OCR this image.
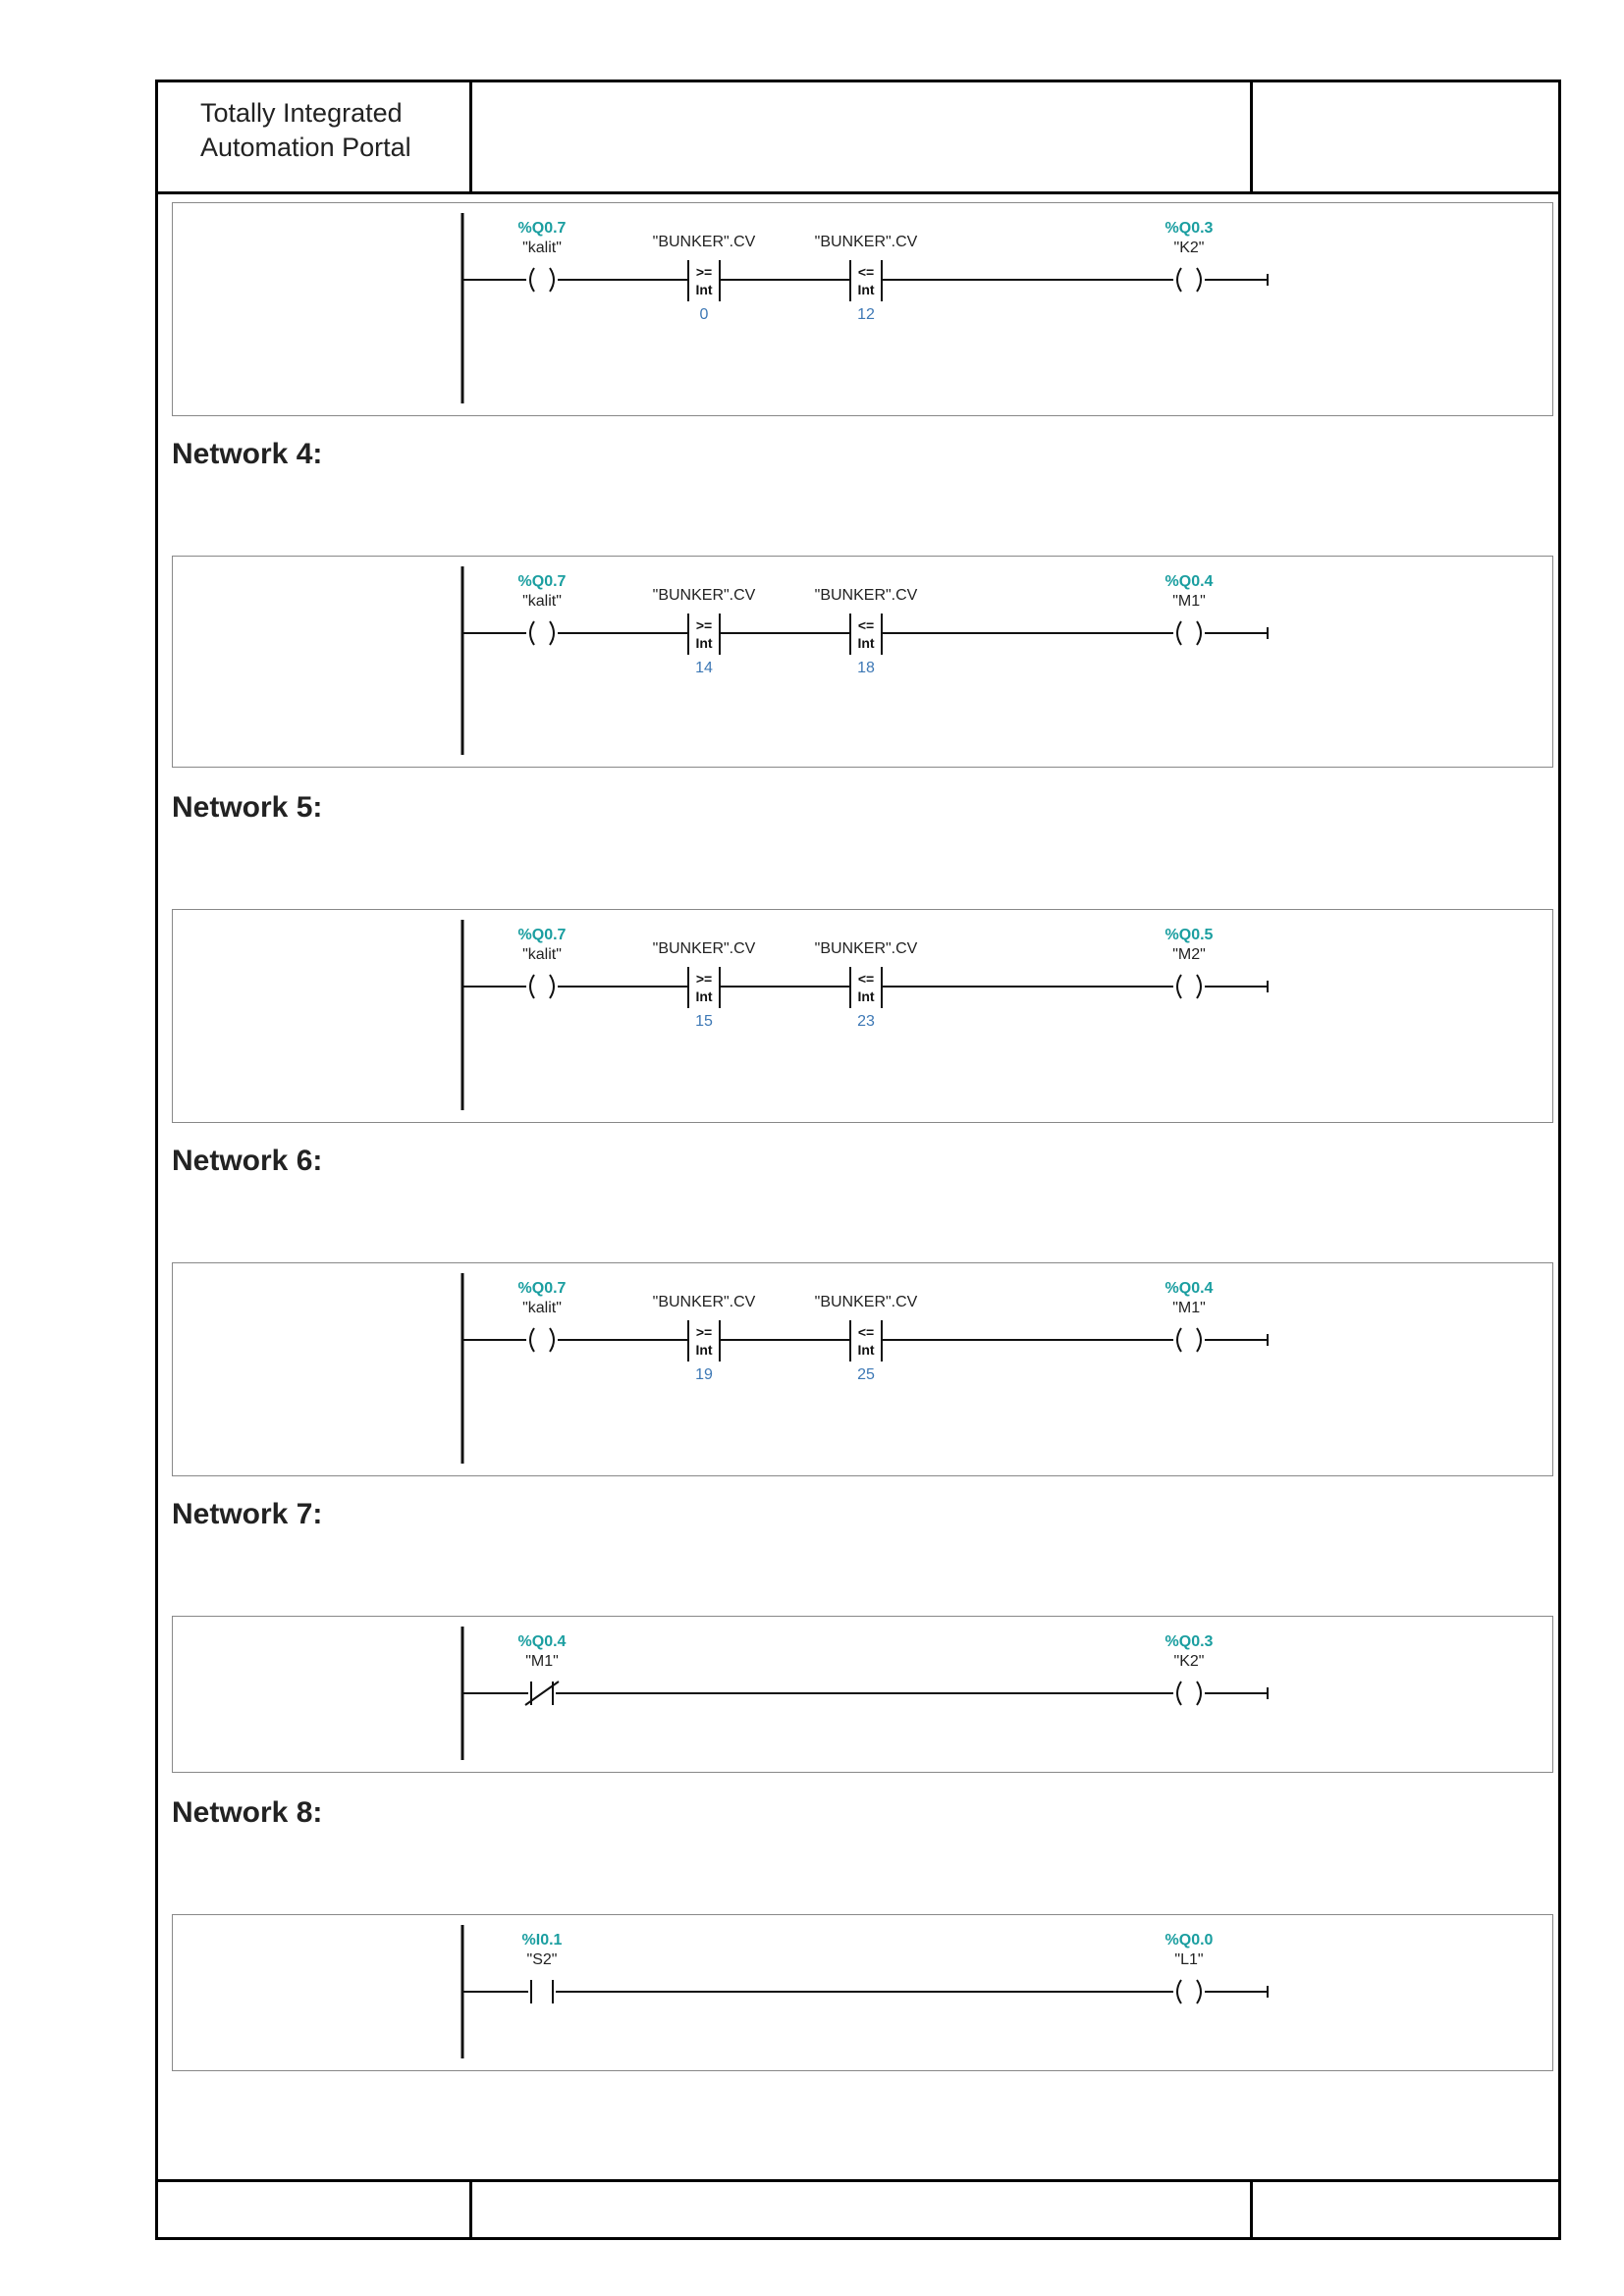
Totally Integrated
Automation Portal
%Q0.7
"kalit"	"BUNKER".CV
>=
Int
0
"BUNKER".CV
<=
Int
12
%Q0.3
"K2"
Network 4:
%Q0.7
"kalit"	"BUNKER".CV
>=
Int
14
"BUNKER".CV
<=
Int
18
%Q0.4
"M1"
Network 5:
%Q0.7
"kalit"	"BUNKER".CV
>=
Int
15
"BUNKER".CV
<=
Int
23
%Q0.5
"M2"
Network 6:
%Q0.7
"kalit"	"BUNKER".CV
>=
Int
19
"BUNKER".CV
<=
Int
25
%Q0.4
"M1"
Network 7:
%Q0.4
"M1"
%Q0.3
"K2"
Network 8:
%I0.1
"S2"
%Q0.0
"L1"
